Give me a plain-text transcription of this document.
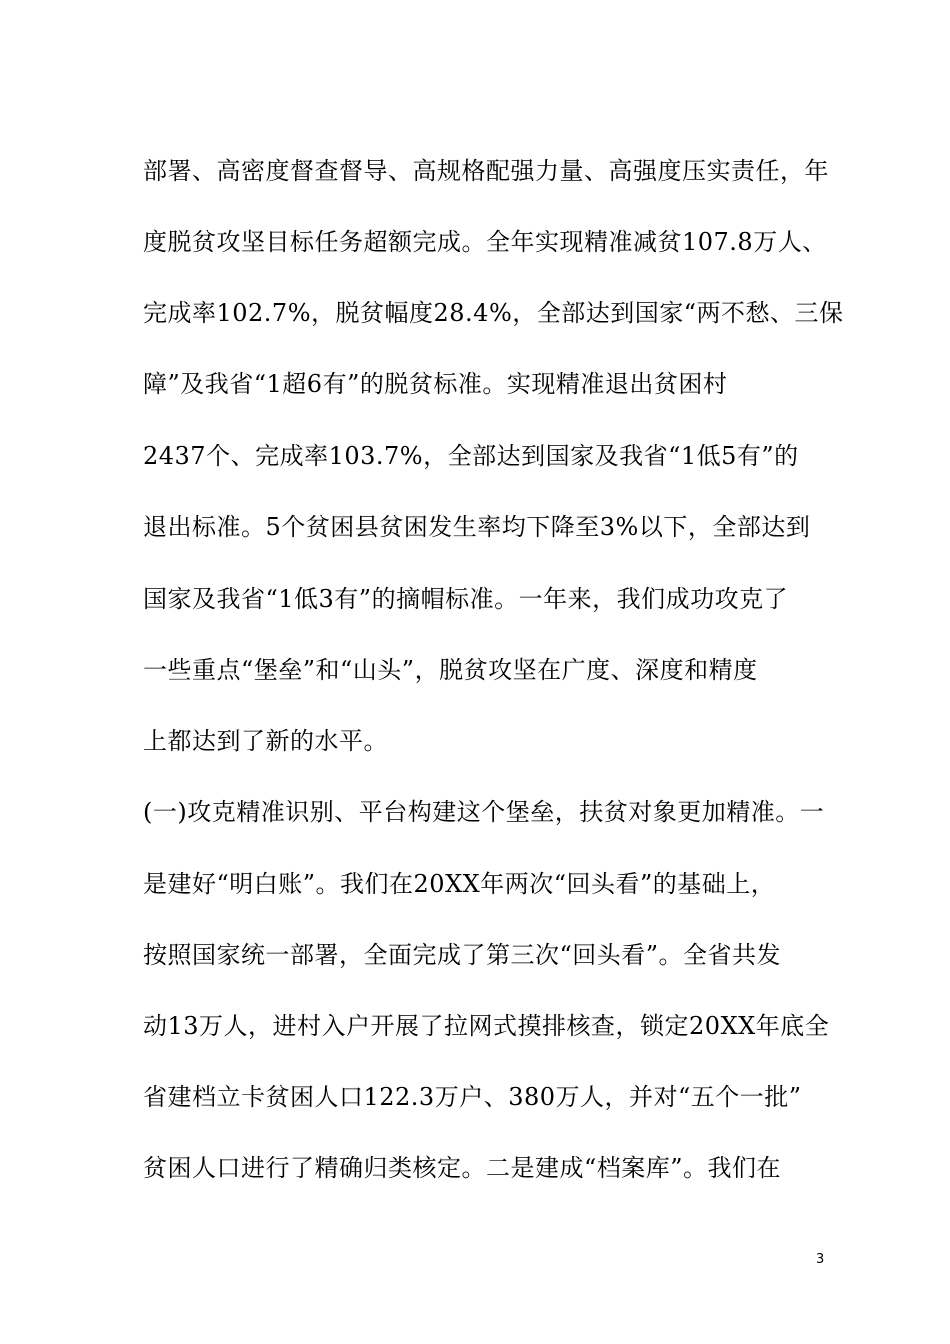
部署、高密度督查督导、高规格配强力量、高强度压实责任，年
度脱贫攻坚目标任务超额完成。全年实现精准减贫107.8万人、
完成率102.7%，脱贫幅度28.4%，全部达到国家“两不愁、三保
障”及我省“1超6有”的脱贫标准。实现精准退出贫困村
2437个、完成率103.7%，全部达到国家及我省“1低5有”的
退出标准。5个贫困县贫困发生率均下降至3%以下，全部达到
国家及我省“1低3有”的摘帽标准。一年来，我们成功攻克了
一些重点“堡垒”和“山头”，脱贫攻坚在广度、深度和精度
上都达到了新的水平。
(一)攻克精准识别、平台构建这个堡垒，扶贫对象更加精准。一
是建好“明白账”。我们在20XX年两次“回头看”的基础上，
按照国家统一部署，全面完成了第三次“回头看”。全省共发
动13万人，进村入户开展了拉网式摸排核查，锁定20XX年底全
省建档立卡贫困人口122.3万户、380万人，并对“五个一批”
贫困人口进行了精确归类核定。二是建成“档案库”。我们在
3
